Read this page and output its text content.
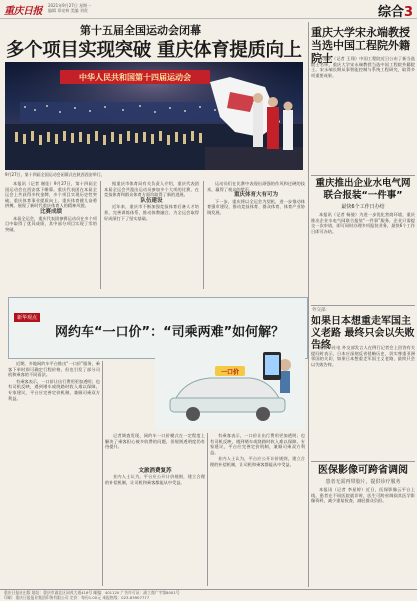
重庆日报
2021年9月27日 星期一
编辑 邓亮林 美编 刘贵	综合3
第十五届全国运动会闭幕
多个项目实现突破 重庆体育提质向上
中华人民共和国第十四届运动会
9月27日，第十四届全国运动会闭幕式在陕西西安举行。

本报讯（记者 谢佳）9月27日，第十四届全国运动会在西安落下帷幕。重庆代表团在本届全运会上共获得多枚金牌，多个项目实现历史性突破，重庆体育事业提质向上。重庆体育健儿奋勇拼搏，展现了新时代重庆体育人的精神风貌。

比赛成绩

本届全运会，重庆代表团参赛运动员在多个项目中取得了优异成绩，其中部分项目实现了零的突破。

据重庆市体育局有关负责人介绍，重庆代表团本届全运会共派出运动员参加多个大项的比赛，在竞技体育和群众体育方面均取得了新的进展。

队伍建设

近年来，重庆市不断加强竞技体育后备人才培养，完善训练体系，推动体教融合，为全运会取得好成绩打下了坚实基础。

运动员们在比赛中表现出顽强的作风和过硬的技术，赢得了观众的掌声。

重庆体育大有可为

下一步，重庆将以全运会为契机，进一步推动体育强市建设，推动竞技体育、群众体育、体育产业协调发展。

重庆大学宋永端教授当选中国工程院外籍院士

本报讯（记者 王翔）中国工程院近日公布了新当选院士名单，重庆大学宋永端教授当选中国工程院外籍院士。宋永端长期从事智能控制与系统工程研究，取得多项重要成果。

重庆推出企业水电气网联合报装“一件事”
最快6个工作日办结

本报讯（记者 杨骏）为进一步优化营商环境，重庆推出企业水电气网联合报装“一件事”服务，企业只需提交一次申请，即可同时办理多项报装业务，最快6个工作日即可办结。

外交部：
如果日本想重走军国主义老路 最终只会以失败告终

据新华社电 外交部发言人在例行记者会上回答有关提问时表示，日本应深刻反省侵略历史，切实尊重亚洲邻国的关切，如果日本想重走军国主义老路，最终只会以失败告终。

医保影像可跨省调阅
患者无需再带胶片，提供诊疗服务

本报讯（记者 李星婷）近日，医保影像云平台上线，患者在不同医院就诊时，医生可跨省调阅其医学影像资料，减少重复检查，减轻群众负担。

新华观点
网约车“一口价”：“司乘两难”如何解？

近期，多地网约车平台推出“一口价”服务，乘客下单时即可确定行程价格，但也引发了部分司机和乘客的不同看法。

有乘客表示，一口价让出行费用更加透明；也有司机反映，遇到堵车或绕路时收入难以保障。专家建议，平台应完善定价机制，兼顾司乘双方利益。

记者调查发现，网约车一口价模式在一定程度上解决了乘客担心被多收费的问题，但规则透明度仍有待提升。

文旅消费复苏

业内人士认为，平台应公开计价规则，建立合理的补偿机制，让司机和乘客都能从中受益。

有乘客表示，一口价让出行费用更加透明；也有司机反映，遇到堵车或绕路时收入难以保障。专家建议，平台应完善定价机制，兼顾司乘双方利益。

业内人士认为，平台应公开计价规则，建立合理的补偿机制，让司机和乘客都能从中受益。

一口价
重庆日报社出版 地址：重庆市渝北区同茂大道416号 邮编：401120 广告许可证：渝工商广字第8001号
印刷：重庆日报报业集团印务有限公司 定价：每份1.00元 本报热线：023-63907777
